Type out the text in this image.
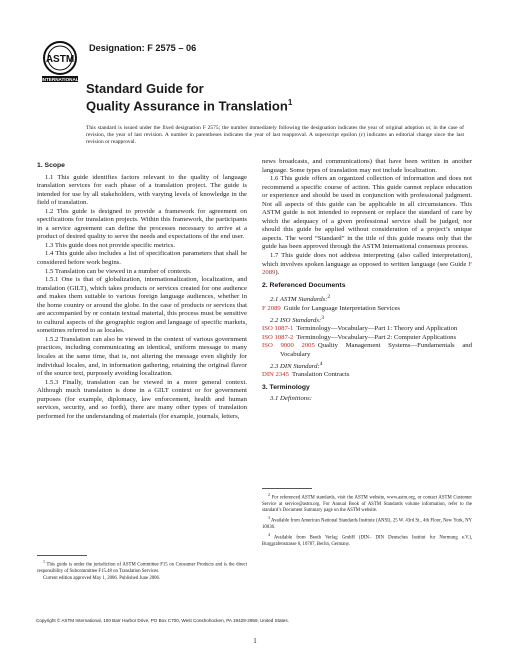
ASTM
INTERNATIONAL
Designation: F 2575 – 06
Standard Guide for
Quality Assurance in Translation$^1$
This standard is issued under the fixed designation F 2575; the number immediately following the designation indicates the year of original adoption or, in the case of revision, the year of last revision. A number in parentheses indicates the year of last reapproval. A superscript epsilon (ε) indicates an editorial change since the last revision or reapproval.

1. Scope

1.1 This guide identifies factors relevant to the quality of language translation services for each phase of a translation project. The guide is intended for use by all stakeholders, with varying levels of knowledge in the field of translation.

1.2 This guide is designed to provide a framework for agreement on specifications for translation projects. Within this framework, the participants in a service agreement can define the processes necessary to arrive at a product of desired quality to serve the needs and expectations of the end user.

1.3 This guide does not provide specific metrics.

1.4 This guide also includes a list of specification parameters that shall be considered before work begins.

1.5 Translation can be viewed in a number of contexts.

1.5.1 One is that of globalization, internationalization, localization, and translation (GILT), which takes products or services created for one audience and makes them suitable to various foreign language audiences, whether in the home country or around the globe. In the case of products or services that are accompanied by or contain textual material, this process must be sensitive to cultural aspects of the geographic region and language of specific markets, sometimes referred to as locales.

1.5.2 Translation can also be viewed in the context of various government practices, including communicating an identical, uniform message to many locales at the same time, that is, not altering the message even slightly for individual locales, and, in information gathering, retaining the original flavor of the source text, purposely avoiding localization.

1.5.3 Finally, translation can be viewed in a more general context. Although much translation is done in a GILT context or for government purposes (for example, diplomacy, law enforcement, health and human services, security, and so forth), there are many other types of translation performed for the understanding of materials (for example, journals, letters,

$^1$ This guide is under the jurisdiction of ASTM Committee F15 on Consumer Products and is the direct responsibility of Subcommittee F15.48 on Translation Services.

Current edition approved May 1, 2006. Published June 2006.

news broadcasts, and communications) that have been written in another language. Some types of translation may not include localization.

1.6 This guide offers an organized collection of information and does not recommend a specific course of action. This guide cannot replace education or experience and should be used in conjunction with professional judgment. Not all aspects of this guide can be applicable in all circumstances. This ASTM guide is not intended to represent or replace the standard of care by which the adequacy of a given professional service shall be judged, nor should this guide be applied without consideration of a project’s unique aspects. The word “Standard” in the title of this guide means only that the guide has been approved through the ASTM International consensus process.

1.7 This guide does not address interpreting (also called interpretation), which involves spoken language as opposed to written language (see Guide F 2089).

2. Referenced Documents

2.1 ASTM Standards:$^2$

F 2089 Guide for Language Interpretation Services

2.2 ISO Standards:$^3$

ISO 1087-1 Terminology—Vocabulary—Part 1: Theory and Application

ISO 1087-2 Terminology—Vocabulary—Part 2: Computer Applications

ISO 9000 2005 Quality Management Systems—Fundamentals and Vocabulary

2.3 DIN Standard:$^4$

DIN 2345 Translation Contracts

3. Terminology

3.1 Definitions:

$^2$ For referenced ASTM standards, visit the ASTM website, www.astm.org, or contact ASTM Customer Service at service@astm.org. For Annual Book of ASTM Standards volume information, refer to the standard’s Document Summary page on the ASTM website.

$^3$ Available from American National Standards Institute (ANSI), 25 W. 43rd St., 4th Floor, New York, NY 10036.

$^4$ Available from Beuth Verlag GmbH (DIN– DIN Deutsches Institut fur Normung e.V.), Burggrafenstrasse 6, 10787, Berlin, Germany.

Copyright © ASTM International, 100 Barr Harbor Drive, PO Box C700, West Conshohocken, PA 19428-2959, United States.
1
